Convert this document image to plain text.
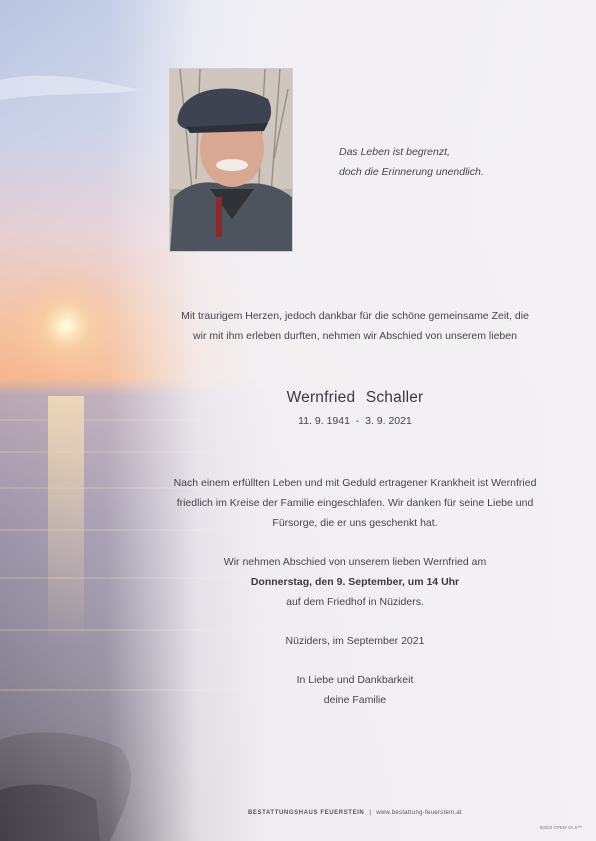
Das Leben ist begrenzt,
doch die Erinnerung unendlich.
Mit traurigem Herzen, jedoch dankbar für die schöne gemeinsame Zeit, die
wir mit ihm erleben durften, nehmen wir Abschied von unserem lieben
Wernfried Schaller
11. 9. 1941  -  3. 9. 2021
Nach einem erfüllten Leben und mit Geduld ertragener Krankheit ist Wernfried
friedlich im Kreise der Familie eingeschlafen. Wir danken für seine Liebe und
Fürsorge, die er uns geschenkt hat.
Wir nehmen Abschied von unserem lieben Wernfried am
Donnerstag, den 9. September, um 14 Uhr
auf dem Friedhof in Nüziders.
Nüziders, im September 2021
In Liebe und Dankbarkeit
deine Familie
BESTATTUNGSHAUS FEUERSTEIN | www.bestattung-feuerstein.at
83023 ©PEM VA S™
